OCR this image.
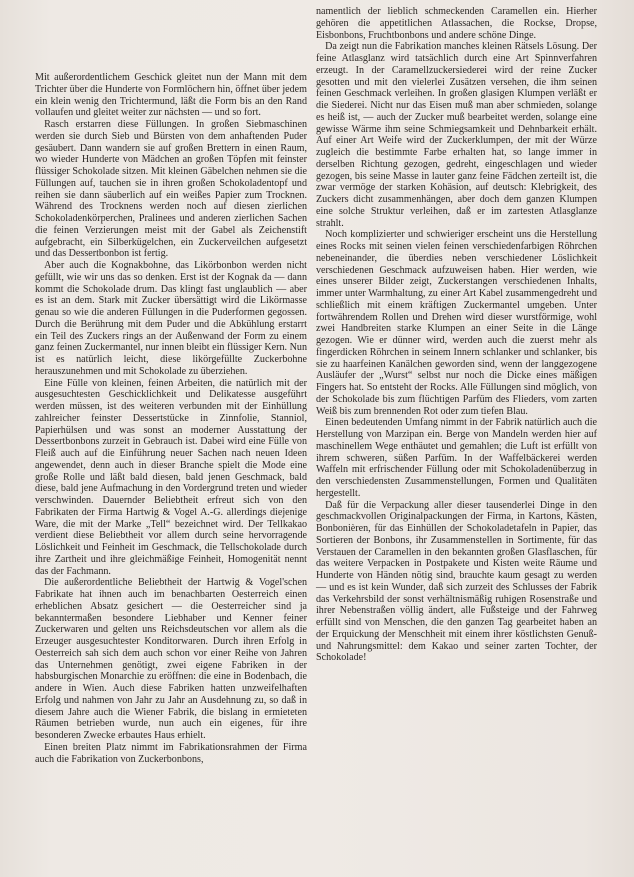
Mit außerordentlichem Geschick gleitet nun der Mann mit dem Trichter über die Hunderte von Formlöchern hin, öffnet über jedem ein klein wenig den Trichtermund, läßt die Form bis an den Rand vollaufen und gleitet weiter zur nächsten — und so fort.

Rasch erstarren diese Füllungen. In großen Siebmaschinen werden sie durch Sieb und Bürsten von dem anhaftenden Puder gesäubert. Dann wandern sie auf großen Brettern in einen Raum, wo wieder Hunderte von Mädchen an großen Töpfen mit feinster flüssiger Schokolade sitzen. Mit kleinen Gäbelchen nehmen sie die Füllungen auf, tauchen sie in ihren großen Schokoladentopf und reihen sie dann säuberlich auf ein weißes Papier zum Trocknen. Während des Trocknens werden noch auf diesen zierlichen Schokoladenkörperchen, Pralinees und anderen zierlichen Sachen die feinen Verzierungen meist mit der Gabel als Zeichenstift aufgebracht, ein Silberkügelchen, ein Zuckerveilchen aufgesetzt und das Dessertbonbon ist fertig.

Aber auch die Kognakbohne, das Likörbonbon werden nicht gefüllt, wie wir uns das so denken. Erst ist der Kognak da — dann kommt die Schokolade drum. Das klingt fast unglaublich — aber es ist an dem. Stark mit Zucker übersättigt wird die Likörmasse genau so wie die anderen Füllungen in die Puderformen gegossen. Durch die Berührung mit dem Puder und die Abkühlung erstarrt ein Teil des Zuckers rings an der Außenwand der Form zu einem ganz feinen Zuckermantel, nur innen bleibt ein flüssiger Kern. Nun ist es natürlich leicht, diese likörgefüllte Zuckerbohne herauszunehmen und mit Schokolade zu überziehen.

Eine Fülle von kleinen, feinen Arbeiten, die natürlich mit der ausgesuchtesten Geschicklichkeit und Delikatesse ausgeführt werden müssen, ist des weiteren verbunden mit der Einhüllung zahlreicher feinster Dessertstücke in Zinnfolie, Stanniol, Papierhülsen und was sonst an moderner Ausstattung der Dessertbonbons zurzeit in Gebrauch ist. Dabei wird eine Fülle von Fleiß auch auf die Einführung neuer Sachen nach neuen Ideen angewendet, denn auch in dieser Branche spielt die Mode eine große Rolle und läßt bald diesen, bald jenen Geschmack, bald diese, bald jene Aufmachung in den Vordergrund treten und wieder verschwinden. Dauernder Beliebtheit erfreut sich von den Fabrikaten der Firma Hartwig & Vogel A.-G. allerdings diejenige Ware, die mit der Marke „Tell“ bezeichnet wird. Der Tellkakao verdient diese Beliebtheit vor allem durch seine hervorragende Löslichkeit und Feinheit im Geschmack, die Tellschokolade durch ihre Zartheit und ihre gleichmäßige Feinheit, Homogenität nennt das der Fachmann.

Die außerordentliche Beliebtheit der Hartwig & Vogel'schen Fabrikate hat ihnen auch im benachbarten Oesterreich einen erheblichen Absatz gesichert — die Oesterreicher sind ja bekanntermaßen besondere Liebhaber und Kenner feiner Zuckerwaren und gelten uns Reichsdeutschen vor allem als die Erzeuger ausgesuchtester Konditorwaren. Durch ihren Erfolg in Oesterreich sah sich dem auch schon vor einer Reihe von Jahren das Unternehmen genötigt, zwei eigene Fabriken in der habsburgischen Monarchie zu eröffnen: die eine in Bodenbach, die andere in Wien. Auch diese Fabriken hatten unzweifelhaften Erfolg und nahmen von Jahr zu Jahr an Ausdehnung zu, so daß in diesem Jahre auch die Wiener Fabrik, die bislang in ermieteten Räumen betrieben wurde, nun auch ein eigenes, für ihre besonderen Zwecke erbautes Haus erhielt.

Einen breiten Platz nimmt im Fabrikationsrahmen der Firma auch die Fabrikation von Zuckerbonbons,

namentlich der lieblich schmeckenden Caramellen ein. Hierher gehören die appetitlichen Atlassachen, die Rockse, Dropse, Eisbonbons, Fruchtbonbons und andere schöne Dinge.

Da zeigt nun die Fabrikation manches kleinen Rätsels Lösung. Der feine Atlasglanz wird tatsächlich durch eine Art Spinnverfahren erzeugt. In der Caramellzuckersiederei wird der reine Zucker gesotten und mit den vielerlei Zusätzen versehen, die ihm seinen feinen Geschmack verleihen. In großen glasigen Klumpen verläßt er die Siederei. Nicht nur das Eisen muß man aber schmieden, solange es heiß ist, — auch der Zucker muß bearbeitet werden, solange eine gewisse Wärme ihm seine Schmiegsamkeit und Dehnbarkeit erhält. Auf einer Art Weife wird der Zuckerklumpen, der mit der Würze zugleich die bestimmte Farbe erhalten hat, so lange immer in derselben Richtung gezogen, gedreht, eingeschlagen und wieder gezogen, bis seine Masse in lauter ganz feine Fädchen zerteilt ist, die zwar vermöge der starken Kohäsion, auf deutsch: Klebrigkeit, des Zuckers dicht zusammenhängen, aber doch dem ganzen Klumpen eine solche Struktur verleihen, daß er im zartesten Atlasglanze strahlt.

Noch komplizierter und schwieriger erscheint uns die Herstellung eines Rocks mit seinen vielen feinen verschiedenfarbigen Röhrchen nebeneinander, die überdies neben verschiedener Löslichkeit verschiedenen Geschmack aufzuweisen haben. Hier werden, wie eines unserer Bilder zeigt, Zuckerstangen verschiedenen Inhalts, immer unter Warmhaltung, zu einer Art Kabel zusammengedreht und schließlich mit einem kräftigen Zuckermantel umgeben. Unter fortwährendem Rollen und Drehen wird dieser wurstförmige, wohl zwei Handbreiten starke Klumpen an einer Seite in die Länge gezogen. Wie er dünner wird, werden auch die zuerst mehr als fingerdicken Röhrchen in seinem Innern schlanker und schlanker, bis sie zu haarfeinen Kanälchen geworden sind, wenn der langgezogene Ausläufer der „Wurst“ selbst nur noch die Dicke eines mäßigen Fingers hat. So entsteht der Rocks. Alle Füllungen sind möglich, von der Schokolade bis zum flüchtigen Parfüm des Flieders, vom zarten Weiß bis zum brennenden Rot oder zum tiefen Blau.

Einen bedeutenden Umfang nimmt in der Fabrik natürlich auch die Herstellung von Marzipan ein. Berge von Mandeln werden hier auf maschinellem Wege enthäutet und gemahlen; die Luft ist erfüllt von ihrem schweren, süßen Parfüm. In der Waffelbäckerei werden Waffeln mit erfrischender Füllung oder mit Schokoladenüberzug in den verschiedensten Zusammenstellungen, Formen und Qualitäten hergestellt.

Daß für die Verpackung aller dieser tausenderlei Dinge in den geschmackvollen Originalpackungen der Firma, in Kartons, Kästen, Bonbonièren, für das Einhüllen der Schokoladetafeln in Papier, das Sortieren der Bonbons, ihr Zusammenstellen in Sortimente, für das Verstauen der Caramellen in den bekannten großen Glasflaschen, für das weitere Verpacken in Postpakete und Kisten weite Räume und Hunderte von Händen nötig sind, brauchte kaum gesagt zu werden — und es ist kein Wunder, daß sich zurzeit des Schlusses der Fabrik das Verkehrsbild der sonst verhältnismäßig ruhigen Rosenstraße und ihrer Nebenstraßen völlig ändert, alle Fußsteige und der Fahrweg erfüllt sind von Menschen, die den ganzen Tag gearbeitet haben an der Erquickung der Menschheit mit einem ihrer köstlichsten Genuß- und Nahrungsmittel: dem Kakao und seiner zarten Tochter, der Schokolade!
